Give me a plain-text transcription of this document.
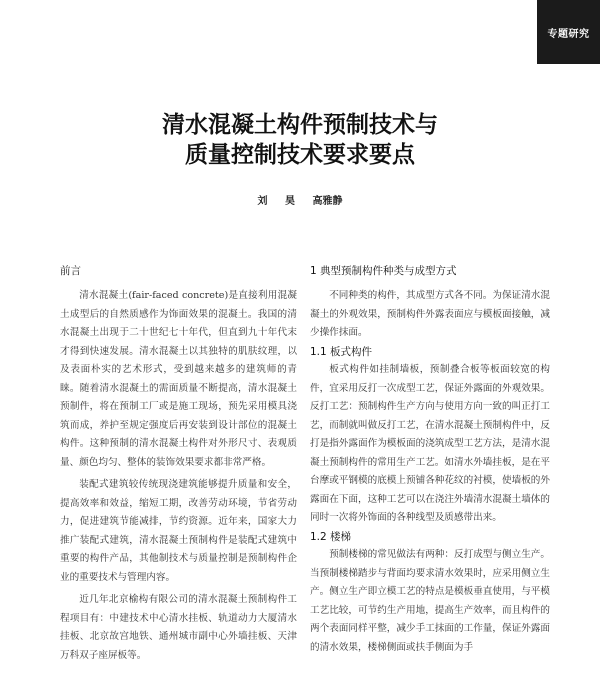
专题研究
清水混凝土构件预制技术与
质量控制技术要求要点
刘 昊 高雅静
前言

清水混凝土(fair-faced concrete)是直接利用混凝土成型后的自然质感作为饰面效果的混凝土。我国的清水混凝土出现于二十世纪七十年代，但直到九十年代末才得到快速发展。清水混凝土以其独特的肌肤纹理，以及表面朴实的艺术形式，受到越来越多的建筑师的青睐。随着清水混凝土的需面质量不断提高，清水混凝土预制件，将在预制工厂或是施工现场，预先采用模具浇筑而成，养护至规定强度后再安装到设计部位的混凝土构件。这种预制的清水混凝土构件对外形尺寸、表观质量、颜色均匀、整体的装饰效果要求都非常严格。

装配式建筑较传统现浇建筑能够提升质量和安全，提高效率和效益，缩短工期，改善劳动环境，节省劳动力，促进建筑节能减排，节约资源。近年来，国家大力推广装配式建筑，清水混凝土预制构件是装配式建筑中重要的构件产品，其他制技术与质量控制是预制构件企业的重要技术与管理内容。

近几年北京榆构有限公司的清水混凝土预制构件工程项目有：中建技术中心清水挂板、轨道动力大厦清水挂板、北京故宫地铁、通州城市副中心外墙挂板、天津万科双子座屏板等。

1 典型预制构件种类与成型方式

不同种类的构件，其成型方式各不同。为保证清水混凝土的外观效果，预制构件外露表面应与模板面接触，减少操作抹面。

1.1 板式构件

板式构件如挂制墙板，预制叠合板等板面较宽的构件，宜采用反打一次成型工艺，保证外露面的外观效果。反打工艺：预制构件生产方向与使用方向一致的叫正打工艺，而制就叫做反打工艺，在清水混凝土预制构件中，反打是指外露面作为模板面的浇筑成型工艺方法，是清水混凝土预制构件的常用生产工艺。如清水外墙挂板，是在平台摩或平钢模的底模上预铺各种花纹的衬模，使墙板的外露面在下面，这种工艺可以在浇注外墙清水混凝土墙体的同时一次将外饰面的各种线型及质感带出来。

1.2 楼梯

预制楼梯的常见做法有两种：反打成型与侧立生产。当预制楼梯踏步与背面均要求清水效果时，应采用侧立生产。侧立生产即立模工艺的特点是模板垂直使用，与平模工艺比较，可节约生产用地，提高生产效率，而且构件的两个表面同样平整，减少手工抹面的工作量，保证外露面的清水效果，楼梯侧面或扶手侧面为手
